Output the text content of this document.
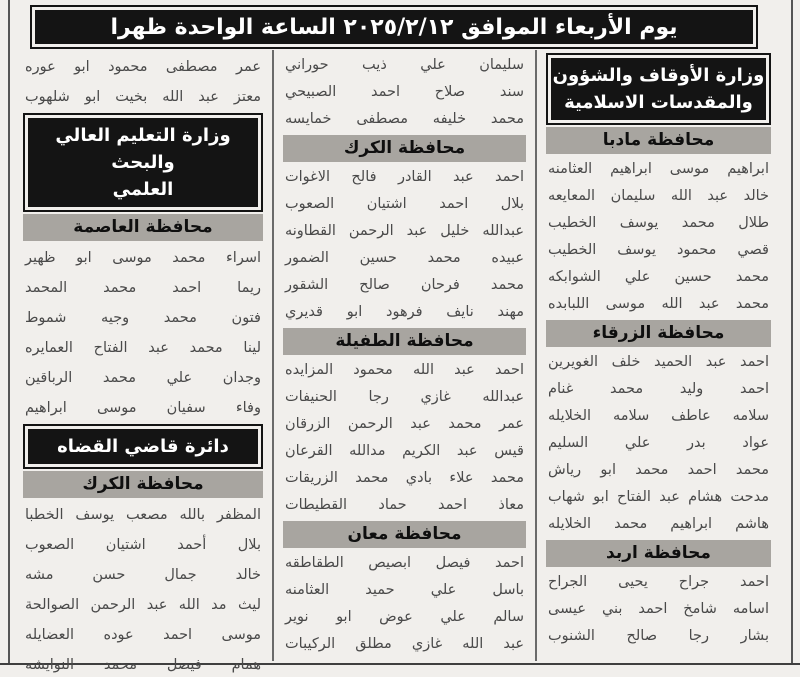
يوم الأربعاء الموافق ٢٠٢٥/٢/١٢ الساعة الواحدة ظهرا
وزارة الأوقاف والشؤون
والمقدسات الاسلامية
محافظة مادبا
ابراهيم موسى ابراهيم العثامنه
خالد عبد الله سليمان المعايعه
طلال محمد يوسف الخطيب
قصي محمود يوسف الخطيب
محمد حسين علي الشوابكه
محمد عبد الله موسى اللبابده
محافظة الزرقاء
احمد عبد الحميد خلف الغويرين
احمد وليد محمد غنام
سلامه عاطف سلامه الخلايله
عواد بدر علي السليم
محمد احمد محمد ابو رياش
مدحت هشام عبد الفتاح ابو شهاب
هاشم ابراهيم محمد الخلايله
محافظة اربد
احمد جراح يحيى الجراح
اسامه شامخ احمد بني عيسى
بشار رجا صالح الشنوب
سليمان علي ذيب حوراني
سند صلاح احمد الصبيحي
محمد خليفه مصطفى خمايسه
محافظة الكرك
احمد عبد القادر فالح الاغوات
بلال احمد اشتيان الصعوب
عبدالله خليل عبد الرحمن القطاونه
عبيده محمد حسين الضمور
محمد فرحان صالح الشقور
مهند نايف فرهود ابو قديري
محافظة الطفيلة
احمد عبد الله محمود المزايده
عبدالله غازي رجا الحنيفات
عمر محمد عبد الرحمن الزرقان
قيس عبد الكريم مدالله القرعان
محمد علاء بادي محمد الزريقات
معاذ احمد حماد القطيطات
محافظة معان
احمد فيصل ابصيص الطقاطقه
باسل علي حميد العثامنه
سالم علي عوض ابو نوير
عبد الله غازي مطلق الركيبات
عمر مصطفى محمود ابو عوره
معتز عبد الله بخيت ابو شلهوب
وزارة التعليم العالي والبحث
العلمي
محافظة العاصمة
اسراء محمد موسى ابو ظهير
ريما احمد محمد المحمد
فتون محمد وجيه شموط
لينا محمد عبد الفتاح العمايره
وجدان علي محمد الرباقين
وفاء سفيان موسى ابراهيم
دائرة قاضي القضاه
محافظة الكرك
المظفر بالله مصعب يوسف الخطبا
بلال أحمد اشتيان الصعوب
خالد جمال حسن مشه
ليث مد الله عبد الرحمن الصوالحة
موسى احمد عوده العضايله
همام فيصل محمد النوايشه
